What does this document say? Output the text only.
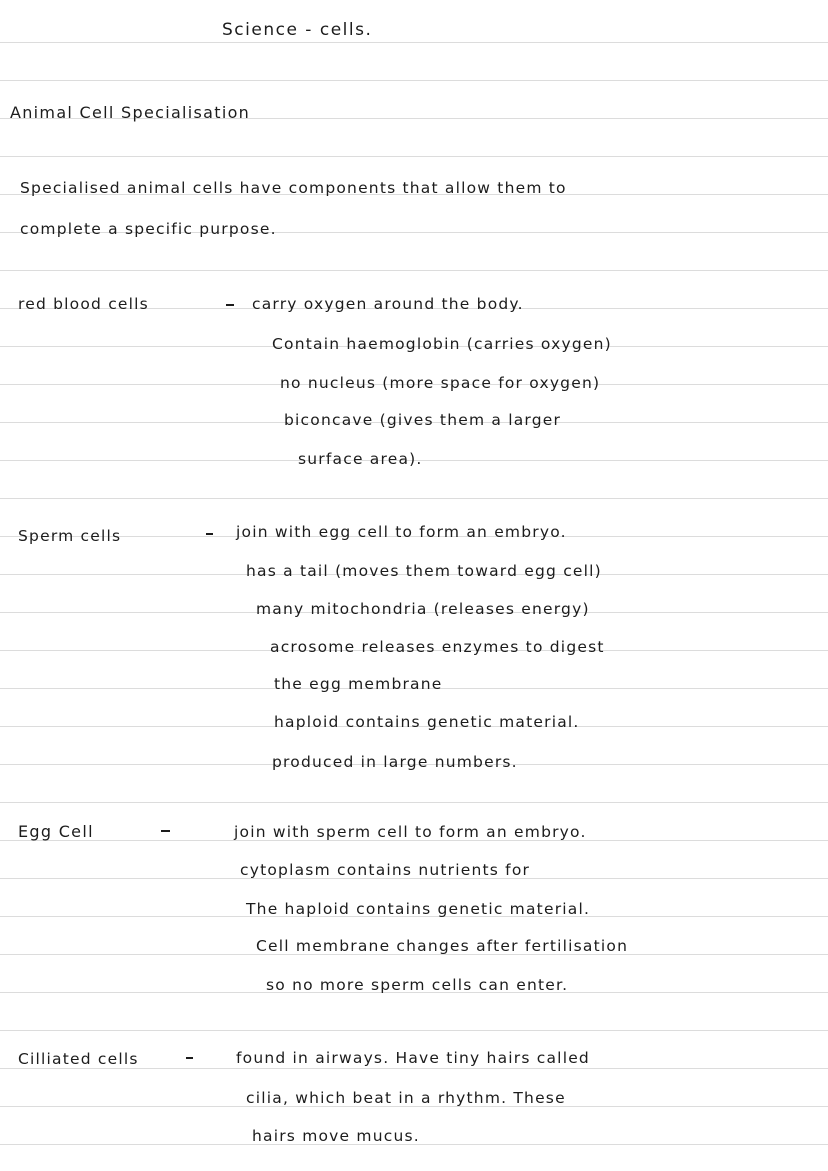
Science - cells.
Animal Cell Specialisation
Specialised animal cells have components that allow them to
complete a specific purpose.
red blood cells	carry oxygen around the body.
Contain haemoglobin (carries oxygen)
no nucleus (more space for oxygen)
biconcave (gives them a larger
surface area).
Sperm cells	join with egg cell to form an embryo.
has a tail (moves them toward egg cell)
many mitochondria (releases energy)
acrosome releases enzymes to digest
the egg membrane
haploid contains genetic material.
produced in large numbers.
Egg Cell	join with sperm cell to form an embryo.
cytoplasm contains nutrients for
The haploid contains genetic material.
Cell membrane changes after fertilisation
so no more sperm cells can enter.
Cilliated cells	found in airways. Have tiny hairs called
cilia, which beat in a rhythm. These
hairs move mucus.
